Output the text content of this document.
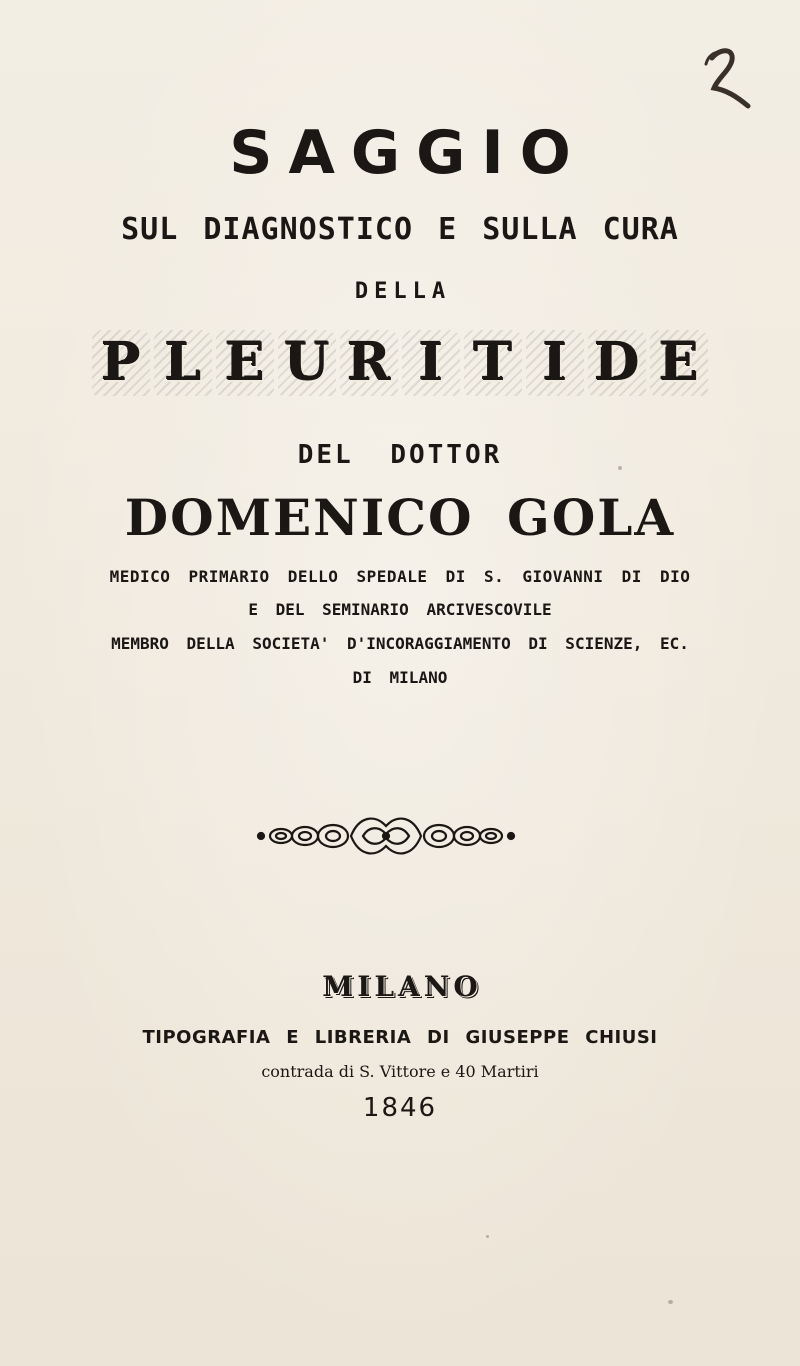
SAGGIO
SUL DIAGNOSTICO E SULLA CURA
DELLA
P L E U R I T I D E
DEL DOTTOR
DOMENICO GOLA
MEDICO PRIMARIO DELLO SPEDALE DI S. GIOVANNI DI DIO
E DEL SEMINARIO ARCIVESCOVILE
MEMBRO DELLA SOCIETA' D'INCORAGGIAMENTO DI SCIENZE, EC.
DI MILANO
MILANO
TIPOGRAFIA E LIBRERIA DI GIUSEPPE CHIUSI
contrada di S. Vittore e 40 Martiri
1846
